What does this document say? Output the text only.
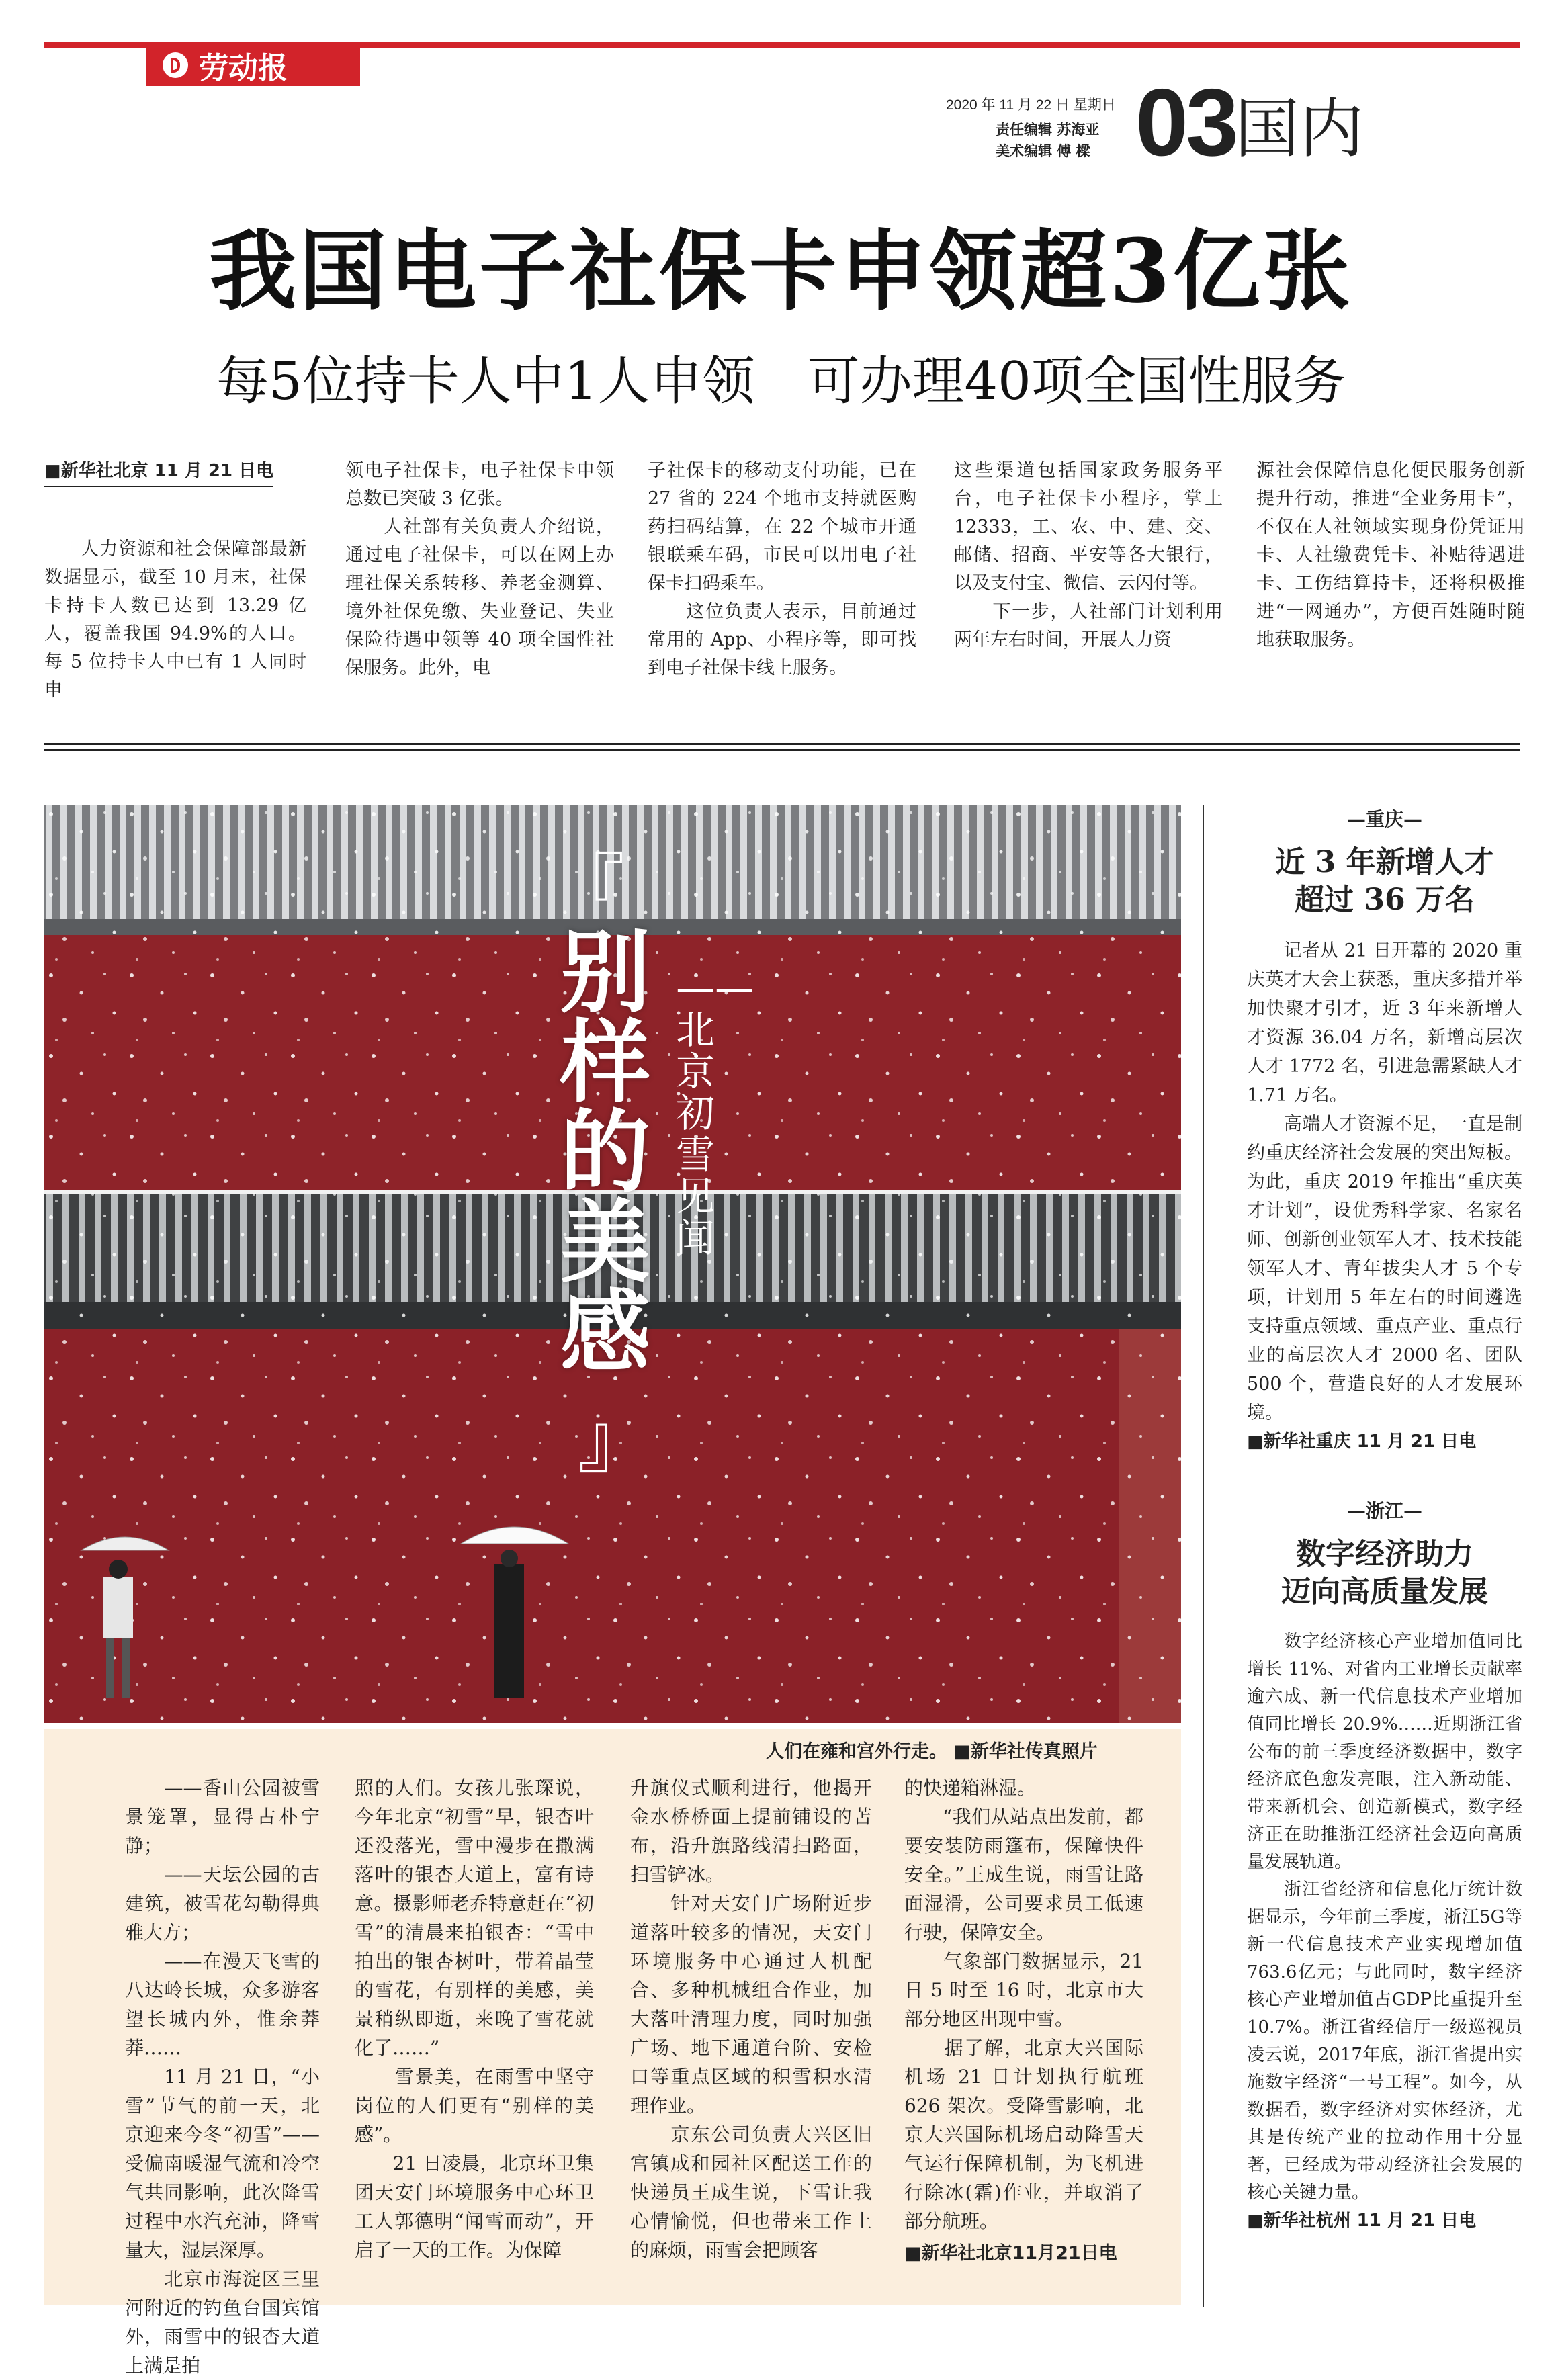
劳动报
2020 年 11 月 22 日 星期日
责任编辑 苏海亚
美术编辑 傅 樑 03
国内
我国电子社保卡申领超3亿张
每5位持卡人中1人申领　可办理40项全国性服务
■新华社北京 11 月 21 日电
人力资源和社会保障部最新数据显示，截至 10 月末，社保卡持卡人数已达到 13.29 亿人，覆盖我国 94.9%的人口。每 5 位持卡人中已有 1 人同时申
领电子社保卡，电子社保卡申领总数已突破 3 亿张。
　　人社部有关负责人介绍说，通过电子社保卡，可以在网上办理社保关系转移、养老金测算、境外社保免缴、失业登记、失业保险待遇申领等 40 项全国性社保服务。此外，电
子社保卡的移动支付功能，已在 27 省的 224 个地市支持就医购药扫码结算，在 22 个城市开通银联乘车码，市民可以用电子社保卡扫码乘车。
　　这位负责人表示，目前通过常用的 App、小程序等，即可找到电子社保卡线上服务。
这些渠道包括国家政务服务平台，电子社保卡小程序，掌上 12333，工、农、中、建、交、邮储、招商、平安等各大银行，以及支付宝、微信、云闪付等。
　　下一步，人社部门计划利用两年左右时间，开展人力资
源社会保障信息化便民服务创新提升行动，推进“全业务用卡”，不仅在人社领域实现身份凭证用卡、人社缴费凭卡、补贴待遇进卡、工伤结算持卡，还将积极推进“一网通办”，方便百姓随时随地获取服务。
『
别样的美感
——北京初雪见闻
』
人们在雍和宫外行走。 ■新华社传真照片
　　——香山公园被雪景笼罩，显得古朴宁静；
　　——天坛公园的古建筑，被雪花勾勒得典雅大方；
　　——在漫天飞雪的八达岭长城，众多游客望长城内外，惟余莽莽……
　　11 月 21 日，“小雪”节气的前一天，北京迎来今冬“初雪”——受偏南暖湿气流和冷空气共同影响，此次降雪过程中水汽充沛，降雪量大，湿层深厚。
　　北京市海淀区三里河附近的钓鱼台国宾馆外，雨雪中的银杏大道上满是拍
照的人们。女孩儿张琛说，今年北京“初雪”早，银杏叶还没落光，雪中漫步在撒满落叶的银杏大道上，富有诗意。摄影师老乔特意赶在“初雪”的清晨来拍银杏：“雪中拍出的银杏树叶，带着晶莹的雪花，有别样的美感，美景稍纵即逝，来晚了雪花就化了……”
　　雪景美，在雨雪中坚守岗位的人们更有“别样的美感”。
　　21 日凌晨，北京环卫集团天安门环境服务中心环卫工人郭德明“闻雪而动”，开启了一天的工作。为保障
升旗仪式顺利进行，他揭开金水桥桥面上提前铺设的苫布，沿升旗路线清扫路面，扫雪铲冰。
　　针对天安门广场附近步道落叶较多的情况，天安门环境服务中心通过人机配合、多种机械组合作业，加大落叶清理力度，同时加强广场、地下通道台阶、安检口等重点区域的积雪积水清理作业。
　　京东公司负责大兴区旧宫镇成和园社区配送工作的快递员王成生说，下雪让我心情愉悦，但也带来工作上的麻烦，雨雪会把顾客
的快递箱淋湿。
　　“我们从站点出发前，都要安装防雨篷布，保障快件安全。”王成生说，雨雪让路面湿滑，公司要求员工低速行驶，保障安全。
　　气象部门数据显示，21 日 5 时至 16 时，北京市大部分地区出现中雪。
　　据了解，北京大兴国际机场 21 日计划执行航班 626 架次。受降雪影响，北京大兴国际机场启动降雪天气运行保障机制，为飞机进行除冰(霜)作业，并取消了部分航班。
■新华社北京11月21日电
—重庆—
近 3 年新增人才
超过 36 万名
　　记者从 21 日开幕的 2020 重庆英才大会上获悉，重庆多措并举加快聚才引才，近 3 年来新增人才资源 36.04 万名，新增高层次人才 1772 名，引进急需紧缺人才 1.71 万名。
　　高端人才资源不足，一直是制约重庆经济社会发展的突出短板。为此，重庆 2019 年推出“重庆英才计划”，设优秀科学家、名家名师、创新创业领军人才、技术技能领军人才、青年拔尖人才 5 个专项，计划用 5 年左右的时间遴选支持重点领域、重点产业、重点行业的高层次人才 2000 名、团队 500 个，营造良好的人才发展环境。
■新华社重庆 11 月 21 日电
—浙江—
数字经济助力
迈向高质量发展
　　数字经济核心产业增加值同比增长 11%、对省内工业增长贡献率逾六成、新一代信息技术产业增加值同比增长 20.9%……近期浙江省公布的前三季度经济数据中，数字经济底色愈发亮眼，注入新动能、带来新机会、创造新模式，数字经济正在助推浙江经济社会迈向高质量发展轨道。
　　浙江省经济和信息化厅统计数据显示，今年前三季度，浙江5G等新一代信息技术产业实现增加值763.6亿元；与此同时，数字经济核心产业增加值占GDP比重提升至10.7%。浙江省经信厅一级巡视员凌云说，2017年底，浙江省提出实施数字经济“一号工程”。如今，从数据看，数字经济对实体经济，尤其是传统产业的拉动作用十分显著，已经成为带动经济社会发展的核心关键力量。
■新华社杭州 11 月 21 日电
